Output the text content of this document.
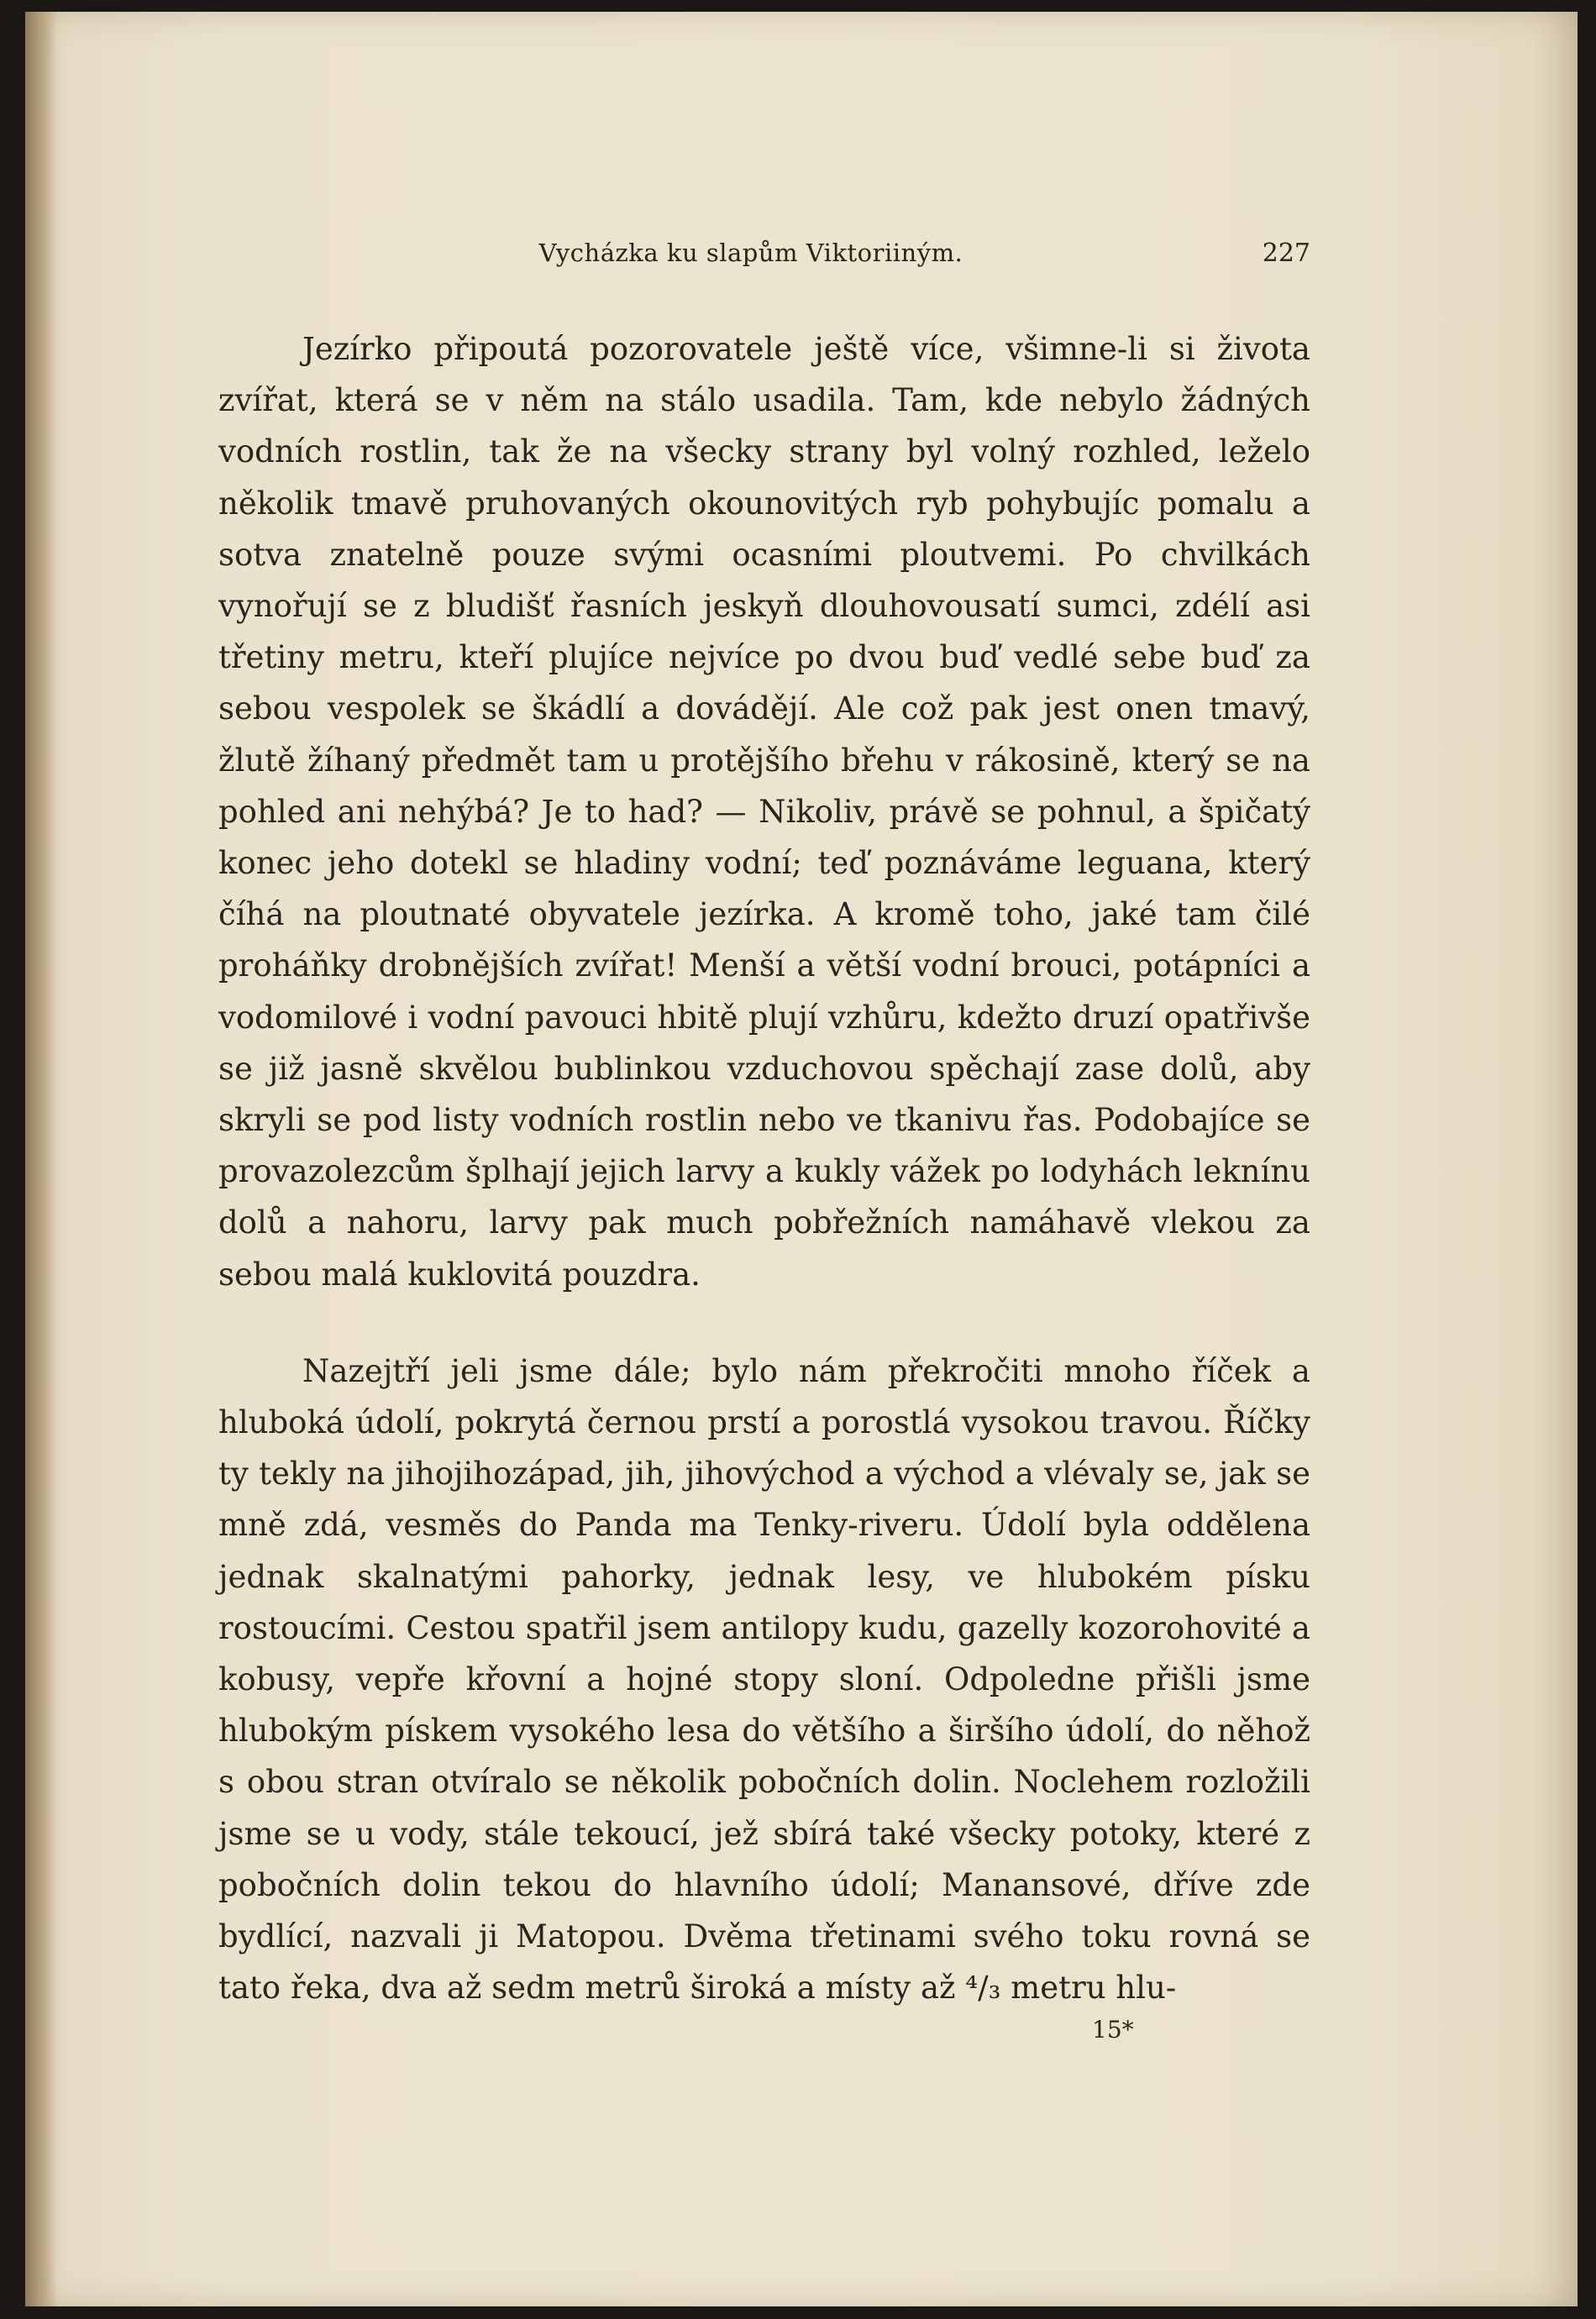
Vycházka ku slapům Viktoriiným.	227

Jezírko připoutá pozorovatele ještě více, všimne-li si života zvířat, která se v něm na stálo usadila. Tam, kde nebylo žádných vodních rostlin, tak že na všecky strany byl volný rozhled, leželo několik tmavě pruhovaných okounovitých ryb pohybujíc pomalu a sotva znatelně pouze svými ocasními ploutvemi. Po chvilkách vynořují se z bludišť řasních jeskyň dlouhovousatí sumci, zdélí asi třetiny metru, kteří plujíce nejvíce po dvou buď vedlé sebe buď za sebou vespolek se škádlí a dovádějí. Ale což pak jest onen tmavý, žlutě žíhaný předmět tam u protějšího břehu v rákosině, který se na pohled ani nehýbá? Je to had? — Nikoliv, právě se pohnul, a špičatý konec jeho dotekl se hladiny vodní; teď poznáváme leguana, který číhá na ploutnaté obyvatele jezírka. A kromě toho, jaké tam čilé proháňky drobnějších zvířat! Menší a větší vodní brouci, potápníci a vodomilové i vodní pavouci hbitě plují vzhůru, kdežto druzí opatřivše se již jasně skvělou bublinkou vzduchovou spěchají zase dolů, aby skryli se pod listy vodních rostlin nebo ve tkanivu řas. Podobajíce se provazolezcům šplhají jejich larvy a kukly vážek po lodyhách leknínu dolů a nahoru, larvy pak much pobřežních namáhavě vlekou za sebou malá kuklovitá pouzdra.

Nazejtří jeli jsme dále; bylo nám překročiti mnoho říček a hluboká údolí, pokrytá černou prstí a porostlá vysokou travou. Říčky ty tekly na jihojihozápad, jih, jihovýchod a východ a vlévaly se, jak se mně zdá, vesměs do Panda ma Tenky-riveru. Údolí byla oddělena jednak skalnatými pahorky, jednak lesy, ve hlubokém písku rostoucími. Cestou spatřil jsem antilopy kudu, gazelly kozorohovité a kobusy, vepře křovní a hojné stopy sloní. Odpoledne přišli jsme hlubokým pískem vysokého lesa do většího a širšího údolí, do něhož s obou stran otvíralo se několik pobočních dolin. Noclehem rozložili jsme se u vody, stále tekoucí, jež sbírá také všecky potoky, které z pobočních dolin tekou do hlavního údolí; Manansové, dříve zde bydlící, nazvali ji Matopou. Dvěma třetinami svého toku rovná se tato řeka, dva až sedm metrů široká a místy až ⁴/₃ metru hlu-

15*
